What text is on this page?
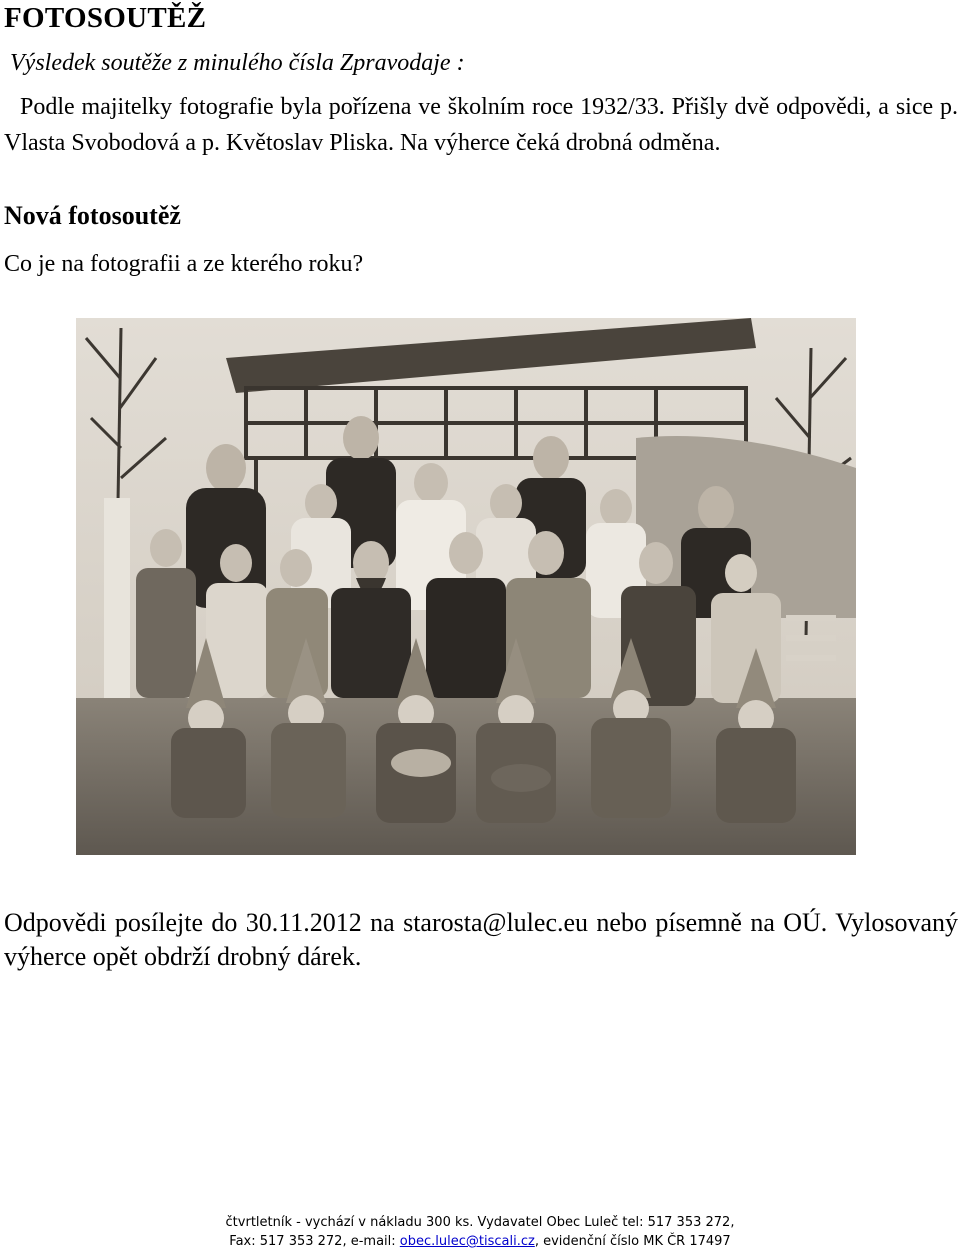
FOTOSOUTĚŽ

Výsledek soutěže z minulého čísla Zpravodaje :

Podle majitelky fotografie byla pořízena ve školním roce 1932/33. Přišly dvě odpovědi, a sice p. Vlasta Svobodová a p. Květoslav Pliska. Na výherce čeká drobná odměna.

Nová fotosoutěž

Co je na fotografii a ze kterého roku?

Odpovědi posílejte do 30.11.2012 na starosta@lulec.eu nebo písemně na OÚ. Vylosovaný výherce opět obdrží drobný dárek.

čtvrtletník - vychází v nákladu 300 ks. Vydavatel Obec Luleč tel: 517 353 272,
Fax: 517 353 272, e-mail: obec.lulec@tiscali.cz, evidenční číslo MK ČR 17497
